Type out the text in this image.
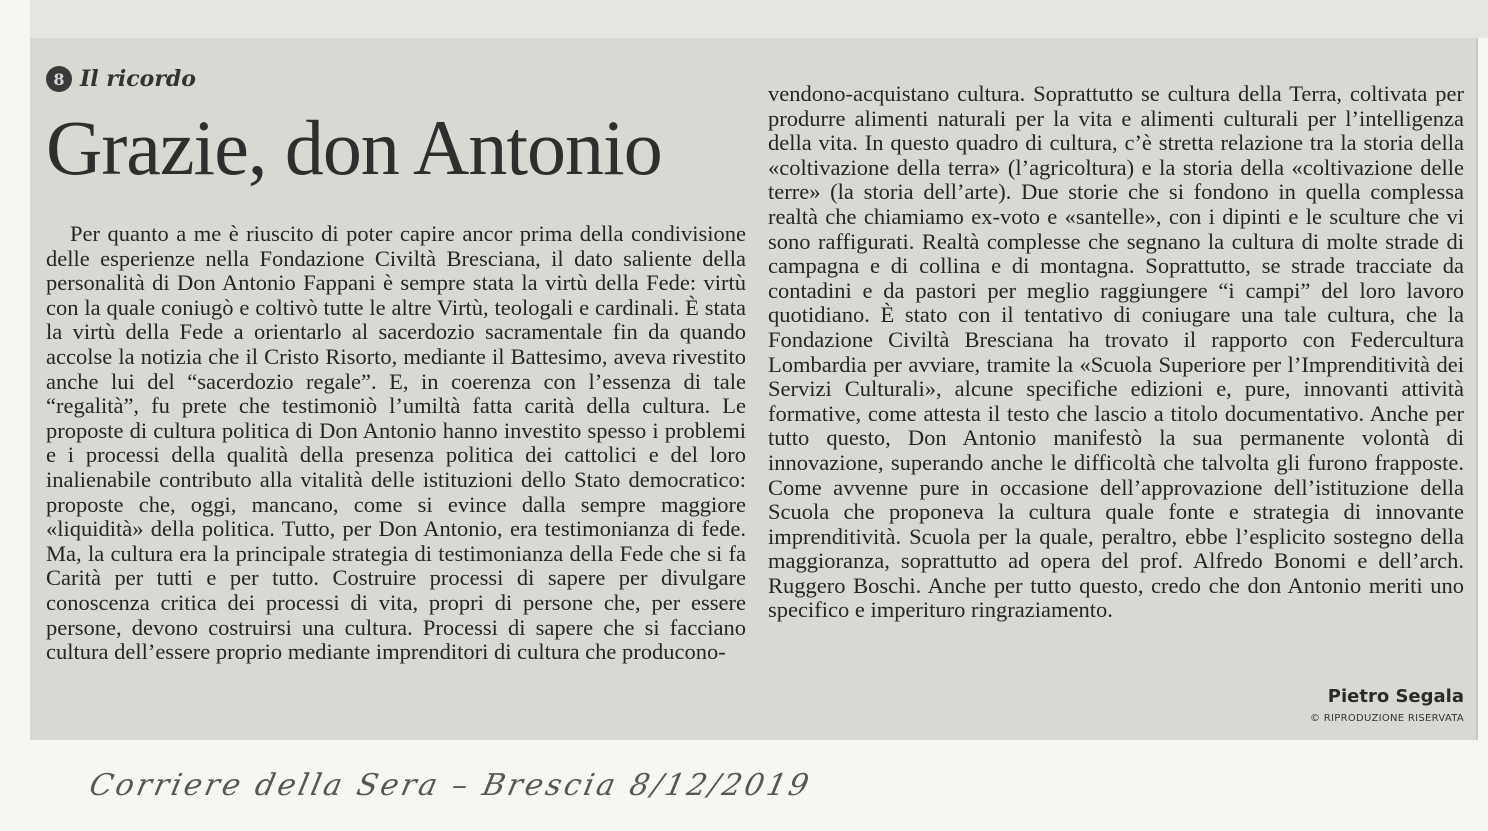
8 Il ricordo
Grazie, don Antonio
Per quanto a me è riuscito di poter capire ancor prima della condivisione delle esperienze nella Fondazione Civiltà Bresciana, il dato saliente della personalità di Don Antonio Fappani è sempre stata la virtù della Fede: virtù con la quale coniugò e coltivò tutte le altre Virtù, teologali e cardinali. È stata la virtù della Fede a orientarlo al sacerdozio sacramentale fin da quando accolse la notizia che il Cristo Risorto, mediante il Battesimo, aveva rivestito anche lui del “sacerdozio regale”. E, in coerenza con l’essenza di tale “regalità”, fu prete che testimoniò l’umiltà fatta carità della cultura. Le proposte di cultura politica di Don Antonio hanno investito spesso i problemi e i processi della qualità della presenza politica dei cattolici e del loro inalienabile contributo alla vitalità delle istituzioni dello Stato democratico: proposte che, oggi, mancano, come si evince dalla sempre maggiore «liquidità» della politica. Tutto, per Don Antonio, era testimonianza di fede. Ma, la cultura era la principale strategia di testimonianza della Fede che si fa Carità per tutti e per tutto. Costruire processi di sapere per divulgare conoscenza critica dei processi di vita, propri di persone che, per essere persone, devono costruirsi una cultura. Processi di sapere che si facciano cultura dell’essere proprio mediante imprenditori di cultura che producono-

vendono-acquistano cultura. Soprattutto se cultura della Terra, coltivata per produrre alimenti naturali per la vita e alimenti culturali per l’intelligenza della vita. In questo quadro di cultura, c’è stretta relazione tra la storia della «coltivazione della terra» (l’agricoltura) e la storia della «coltivazione delle terre» (la storia dell’arte). Due storie che si fondono in quella complessa realtà che chiamiamo ex-voto e «santelle», con i dipinti e le sculture che vi sono raffigurati. Realtà complesse che segnano la cultura di molte strade di campagna e di collina e di montagna. Soprattutto, se strade tracciate da contadini e da pastori per meglio raggiungere “i campi” del loro lavoro quotidiano. È stato con il tentativo di coniugare una tale cultura, che la Fondazione Civiltà Bresciana ha trovato il rapporto con Federcultura Lombardia per avviare, tramite la «Scuola Superiore per l’Imprenditività dei Servizi Culturali», alcune specifiche edizioni e, pure, innovanti attività formative, come attesta il testo che lascio a titolo documentativo. Anche per tutto questo, Don Antonio manifestò la sua permanente volontà di innovazione, superando anche le difficoltà che talvolta gli furono frapposte. Come avvenne pure in occasione dell’approvazione dell’istituzione della Scuola che proponeva la cultura quale fonte e strategia di innovante imprenditività. Scuola per la quale, peraltro, ebbe l’esplicito sostegno della maggioranza, soprattutto ad opera del prof. Alfredo Bonomi e dell’arch. Ruggero Boschi. Anche per tutto questo, credo che don Antonio meriti uno specifico e imperituro ringraziamento.

Pietro Segala
© RIPRODUZIONE RISERVATA
Corriere della Sera – Brescia 8/12/2019
